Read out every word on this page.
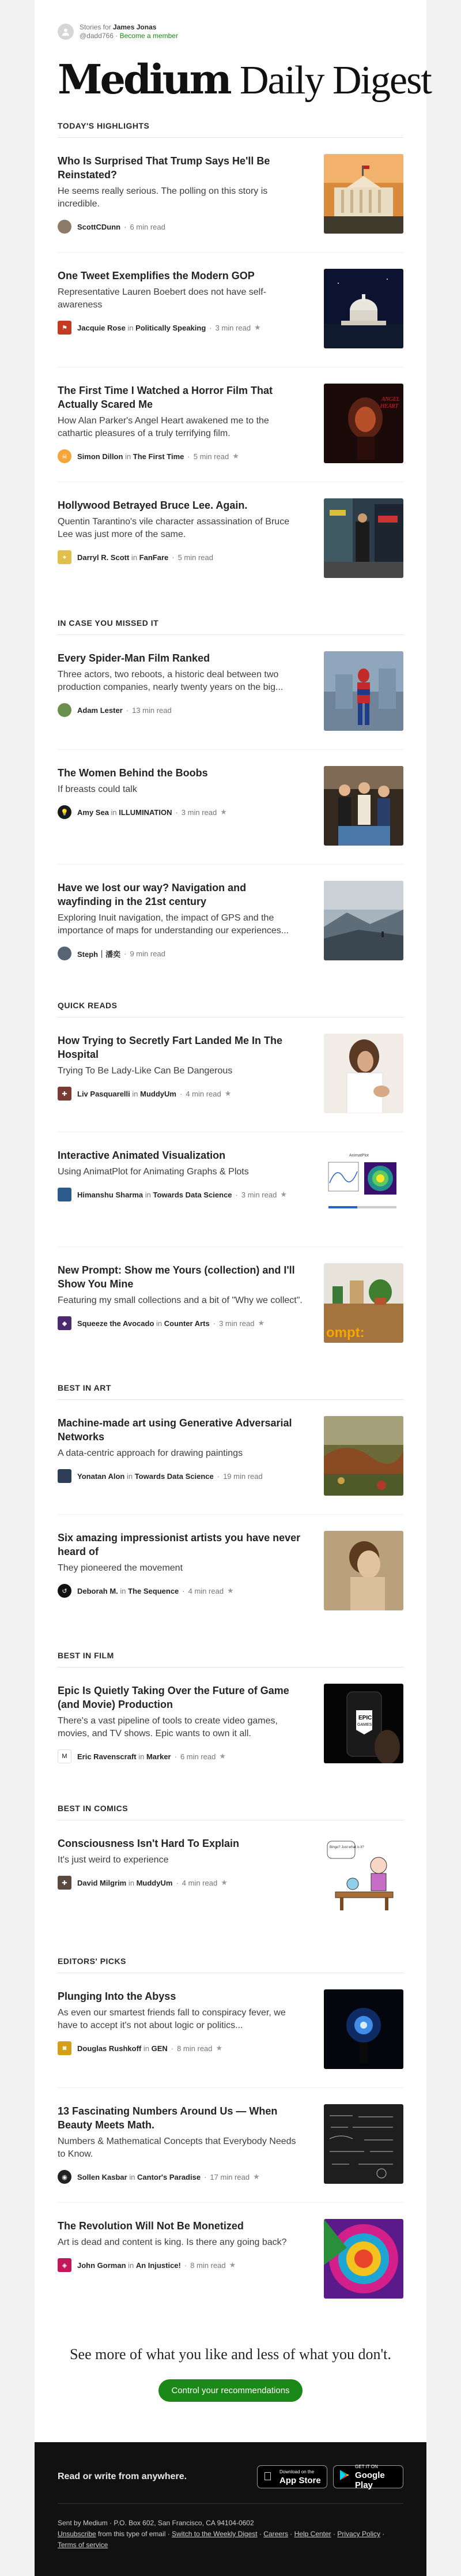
Stories for James Jonas
@dadd766 · Become a member
Medium Daily Digest
TODAY'S HIGHLIGHTS
Who Is Surprised That Trump Says He'll Be Reinstated?
He seems really serious. The polling on this story is incredible.
ScottCDunn · 6 min read
One Tweet Exemplifies the Modern GOP
Representative Lauren Boebert does not have self-awareness
⚑ Jacquie Rose in Politically Speaking · 3 min read ★
The First Time I Watched a Horror Film That Actually Scared Me
How Alan Parker's Angel Heart awakened me to the cathartic pleasures of a truly terrifying film.
☠ Simon Dillon in The First Time · 5 min read ★
ANGEL
HEART
Hollywood Betrayed Bruce Lee. Again.
Quentin Tarantino's vile character assassination of Bruce Lee was just more of the same.
✦ Darryl R. Scott in FanFare · 5 min read
IN CASE YOU MISSED IT
Every Spider-Man Film Ranked
Three actors, two reboots, a historic deal between two production companies, nearly twenty years on the big...
Adam Lester · 13 min read
The Women Behind the Boobs
If breasts could talk
💡 Amy Sea in ILLUMINATION · 3 min read ★
Have we lost our way? Navigation and wayfinding in the 21st century
Exploring Inuit navigation, the impact of GPS and the importance of maps for understanding our experiences...
Steph｜潘奕 · 9 min read
QUICK READS
How Trying to Secretly Fart Landed Me In The Hospital
Trying To Be Lady-Like Can Be Dangerous
✚ Liv Pasquarelli in MuddyUm · 4 min read ★
Interactive Animated Visualization
Using AnimatPlot for Animating Graphs & Plots
Himanshu Sharma in Towards Data Science · 3 min read ★
AnimatPlot
New Prompt: Show me Yours (collection) and I'll Show You Mine
Featuring my small collections and a bit of "Why we collect".
◆ Squeeze the Avocado in Counter Arts · 3 min read ★
ompt:
BEST IN ART
Machine-made art using Generative Adversarial Networks
A data-centric approach for drawing paintings
Yonatan Alon in Towards Data Science · 19 min read
Six amazing impressionist artists you have never heard of
They pioneered the movement
↺ Deborah M. in The Sequence · 4 min read ★
BEST IN FILM
Epic Is Quietly Taking Over the Future of Game (and Movie) Production
There's a vast pipeline of tools to create video games, movies, and TV shows. Epic wants to own it all.
M Eric Ravenscraft in Marker · 6 min read ★
EPIC
GAMES
BEST IN COMICS
Consciousness Isn't Hard To Explain
It's just weird to experience
✚ David Milgrim in MuddyUm · 4 min read ★
Bingo? Just what is it?
EDITORS' PICKS
Plunging Into the Abyss
As even our smartest friends fall to conspiracy fever, we have to accept it's not about logic or politics...
◙ Douglas Rushkoff in GEN · 8 min read ★
13 Fascinating Numbers Around Us — When Beauty Meets Math.
Numbers & Mathematical Concepts that Everybody Needs to Know.
◉ Sollen Kasbar in Cantor's Paradise · 17 min read ★
The Revolution Will Not Be Monetized
Art is dead and content is king. Is there any going back?
◈ John Gorman in An Injustice! · 8 min read ★
See more of what you like and less of what you don't.
Control your recommendations
Read or write from anywhere.	Download on the
App Store
GET IT ON
Google Play
Sent by Medium · P.O. Box 602, San Francisco, CA 94104-0602
Unsubscribe from this type of email · Switch to the Weekly Digest · Careers · Help Center · Privacy Policy · Terms of service
